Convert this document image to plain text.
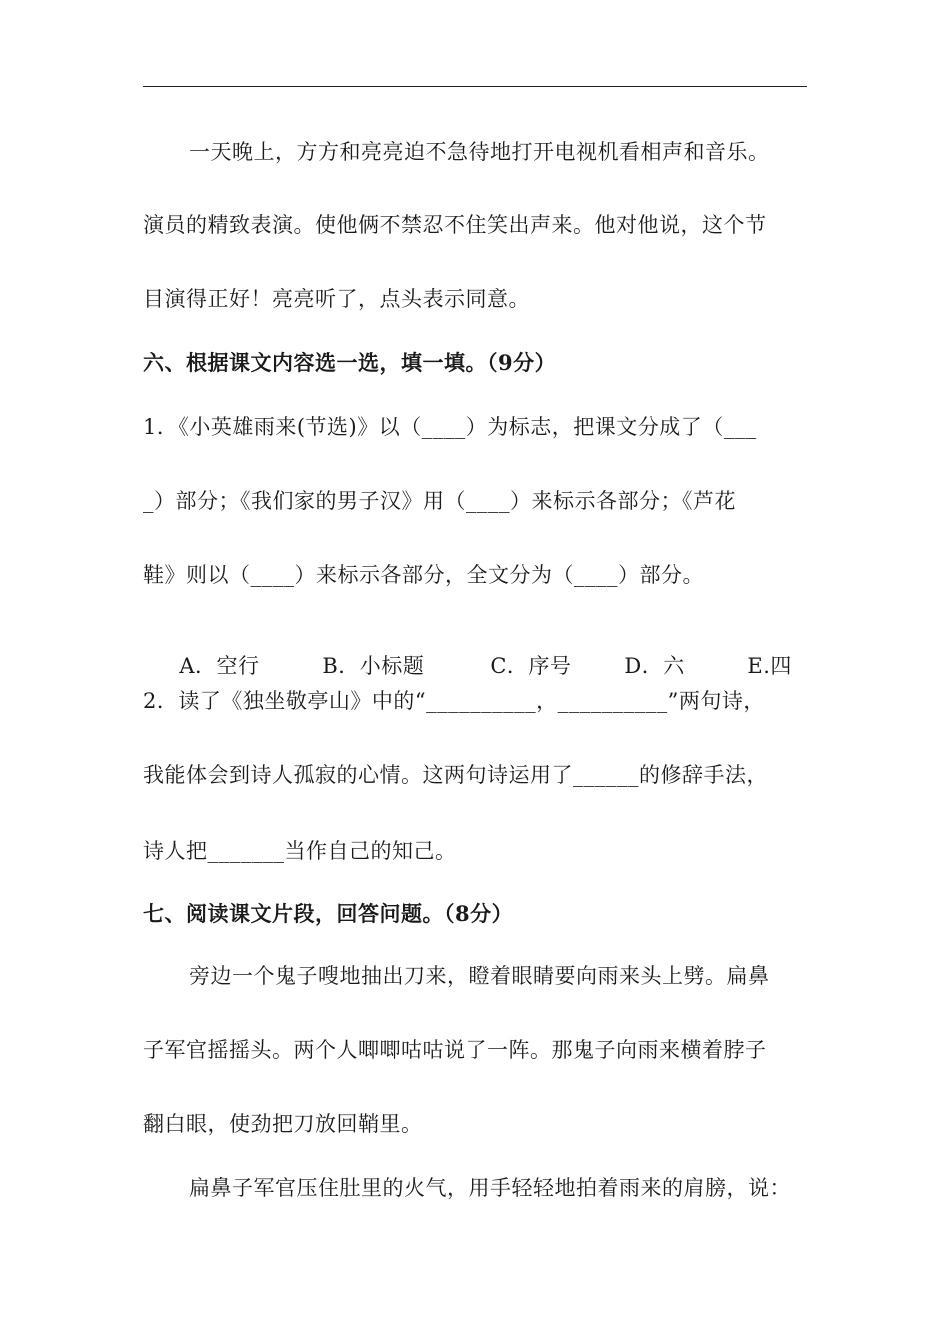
一天晚上，方方和亮亮迫不急待地打开电视机看相声和音乐。
演员的精致表演。使他俩不禁忍不住笑出声来。他对他说，这个节
目演得正好！亮亮听了，点头表示同意。
六、根据课文内容选一选，填一填。（9分）
1．《小英雄雨来(节选)》以（____）为标志，把课文分成了（___
_）部分；《我们家的男子汉》用（____）来标示各部分；《芦花
鞋》则以（____）来标示各部分，全文分为（____）部分。

A．空行	B．小标题	C．序号	D．六	E.四

2．读了《独坐敬亭山》中的“__________，__________”两句诗，
我能体会到诗人孤寂的心情。这两句诗运用了______的修辞手法，
诗人把_______当作自己的知己。
七、阅读课文片段，回答问题。（8分）
旁边一个鬼子嗖地抽出刀来，瞪着眼睛要向雨来头上劈。扁鼻
子军官摇摇头。两个人唧唧咕咕说了一阵。那鬼子向雨来横着脖子
翻白眼，使劲把刀放回鞘里。
扁鼻子军官压住肚里的火气，用手轻轻地拍着雨来的肩膀，说：
